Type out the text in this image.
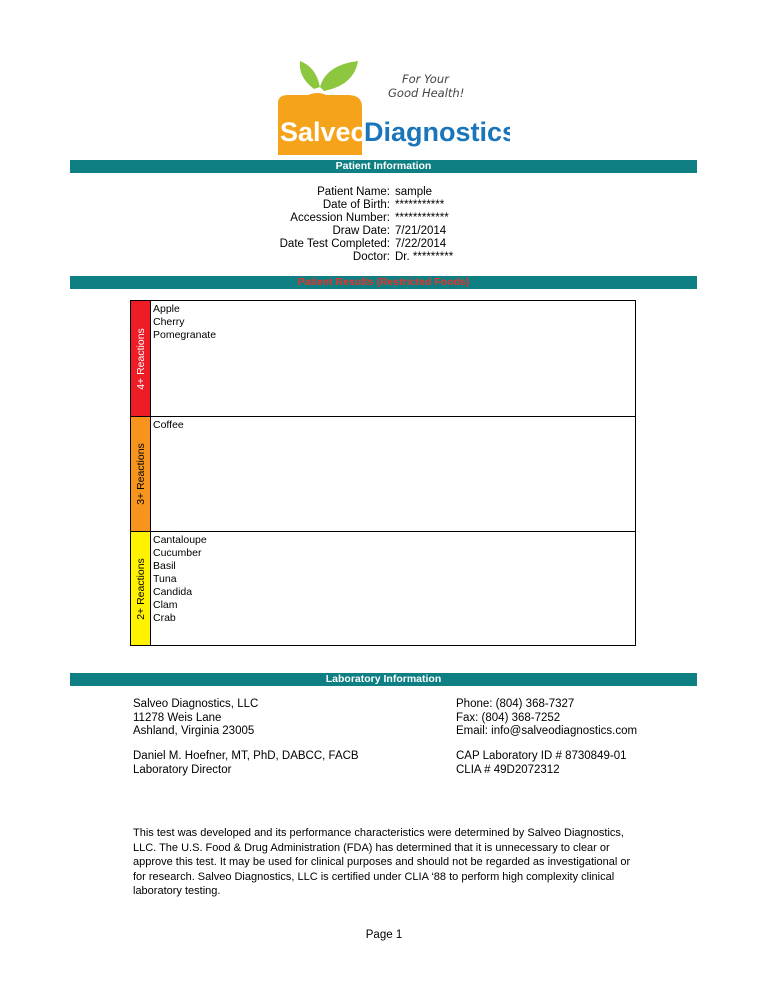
Salveo
Diagnostics
For Your
Good Health!
Patient Information
Patient Name: sample
Date of Birth: ***********
Accession Number: ************
Draw Date: 7/21/2014
Date Test Completed: 7/22/2014
Doctor: Dr. *********
Patient Results (Restricted Foods)
4+ Reactions
Apple
Cherry
Pomegranate
3+ Reactions
Coffee
2+ Reactions
Cantaloupe
Cucumber
Basil
Tuna
Candida
Clam
Crab
Laboratory Information
Salveo Diagnostics, LLC
11278 Weis Lane
Ashland, Virginia 23005
Phone: (804) 368-7327
Fax: (804) 368-7252
Email: info@salveodiagnostics.com
Daniel M. Hoefner, MT, PhD, DABCC, FACB
Laboratory Director
CAP Laboratory ID # 8730849-01
CLIA # 49D2072312
This test was developed and its performance characteristics were determined by Salveo Diagnostics, LLC. The U.S. Food & Drug Administration (FDA) has determined that it is unnecessary to clear or approve this test. It may be used for clinical purposes and should not be regarded as investigational or for research. Salveo Diagnostics, LLC is certified under CLIA ‘88 to perform high complexity clinical laboratory testing.
Page 1
